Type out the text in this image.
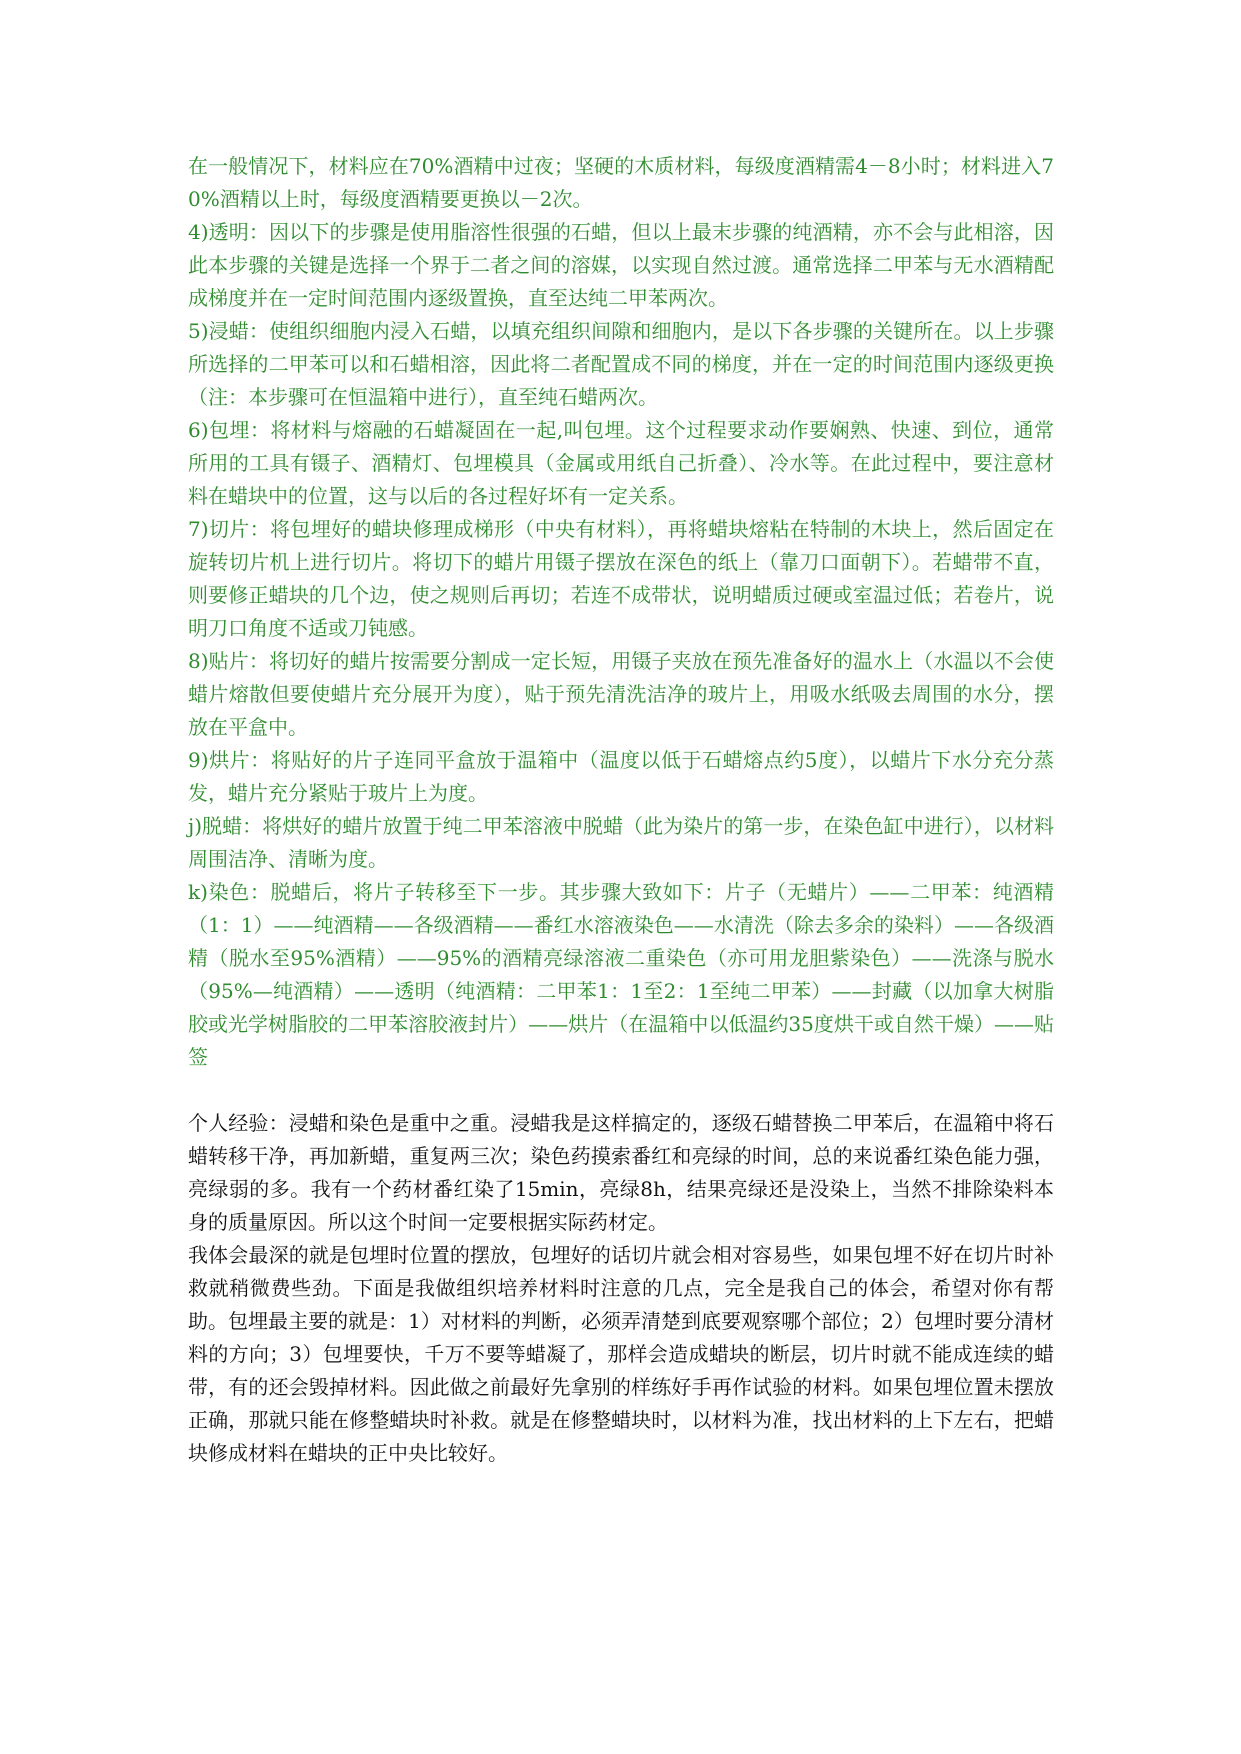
在一般情况下，材料应在70%酒精中过夜；坚硬的木质材料，每级度酒精需4－8小时；材料进入70%酒精以上时，每级度酒精要更换以－2次。

4)透明：因以下的步骤是使用脂溶性很强的石蜡，但以上最末步骤的纯酒精，亦不会与此相溶，因此本步骤的关键是选择一个界于二者之间的溶媒，以实现自然过渡。通常选择二甲苯与无水酒精配成梯度并在一定时间范围内逐级置换，直至达纯二甲苯两次。

5)浸蜡：使组织细胞内浸入石蜡，以填充组织间隙和细胞内，是以下各步骤的关键所在。以上步骤所选择的二甲苯可以和石蜡相溶，因此将二者配置成不同的梯度，并在一定的时间范围内逐级更换（注：本步骤可在恒温箱中进行），直至纯石蜡两次。

6)包埋：将材料与熔融的石蜡凝固在一起,叫包埋。这个过程要求动作要娴熟、快速、到位，通常所用的工具有镊子、酒精灯、包埋模具（金属或用纸自己折叠）、冷水等。在此过程中，要注意材料在蜡块中的位置，这与以后的各过程好坏有一定关系。

7)切片：将包埋好的蜡块修理成梯形（中央有材料），再将蜡块熔粘在特制的木块上，然后固定在旋转切片机上进行切片。将切下的蜡片用镊子摆放在深色的纸上（靠刀口面朝下）。若蜡带不直，则要修正蜡块的几个边，使之规则后再切；若连不成带状，说明蜡质过硬或室温过低；若卷片，说明刀口角度不适或刀钝感。

8)贴片：将切好的蜡片按需要分割成一定长短，用镊子夹放在预先准备好的温水上（水温以不会使蜡片熔散但要使蜡片充分展开为度），贴于预先清洗洁净的玻片上，用吸水纸吸去周围的水分，摆放在平盒中。

9)烘片：将贴好的片子连同平盒放于温箱中（温度以低于石蜡熔点约5度），以蜡片下水分充分蒸发，蜡片充分紧贴于玻片上为度。

j)脱蜡：将烘好的蜡片放置于纯二甲苯溶液中脱蜡（此为染片的第一步，在染色缸中进行），以材料周围洁净、清晰为度。

k)染色：脱蜡后，将片子转移至下一步。其步骤大致如下：片子（无蜡片）——二甲苯：纯酒精（1：1）——纯酒精——各级酒精——番红水溶液染色——水清洗（除去多余的染料）——各级酒精（脱水至95%酒精）——95%的酒精亮绿溶液二重染色（亦可用龙胆紫染色）——洗涤与脱水（95%—纯酒精）——透明（纯酒精：二甲苯1：1至2：1至纯二甲苯）——封藏（以加拿大树脂胶或光学树脂胶的二甲苯溶胶液封片）——烘片（在温箱中以低温约35度烘干或自然干燥）——贴签

个人经验：浸蜡和染色是重中之重。浸蜡我是这样搞定的，逐级石蜡替换二甲苯后，在温箱中将石蜡转移干净，再加新蜡，重复两三次；染色药摸索番红和亮绿的时间，总的来说番红染色能力强，亮绿弱的多。我有一个药材番红染了15min，亮绿8h，结果亮绿还是没染上，当然不排除染料本身的质量原因。所以这个时间一定要根据实际药材定。

我体会最深的就是包埋时位置的摆放，包埋好的话切片就会相对容易些，如果包埋不好在切片时补救就稍微费些劲。下面是我做组织培养材料时注意的几点，完全是我自己的体会，希望对你有帮助。包埋最主要的就是：1）对材料的判断，必须弄清楚到底要观察哪个部位；2）包埋时要分清材料的方向；3）包埋要快，千万不要等蜡凝了，那样会造成蜡块的断层，切片时就不能成连续的蜡带，有的还会毁掉材料。因此做之前最好先拿别的样练好手再作试验的材料。如果包埋位置未摆放正确，那就只能在修整蜡块时补救。就是在修整蜡块时，以材料为准，找出材料的上下左右，把蜡块修成材料在蜡块的正中央比较好。
